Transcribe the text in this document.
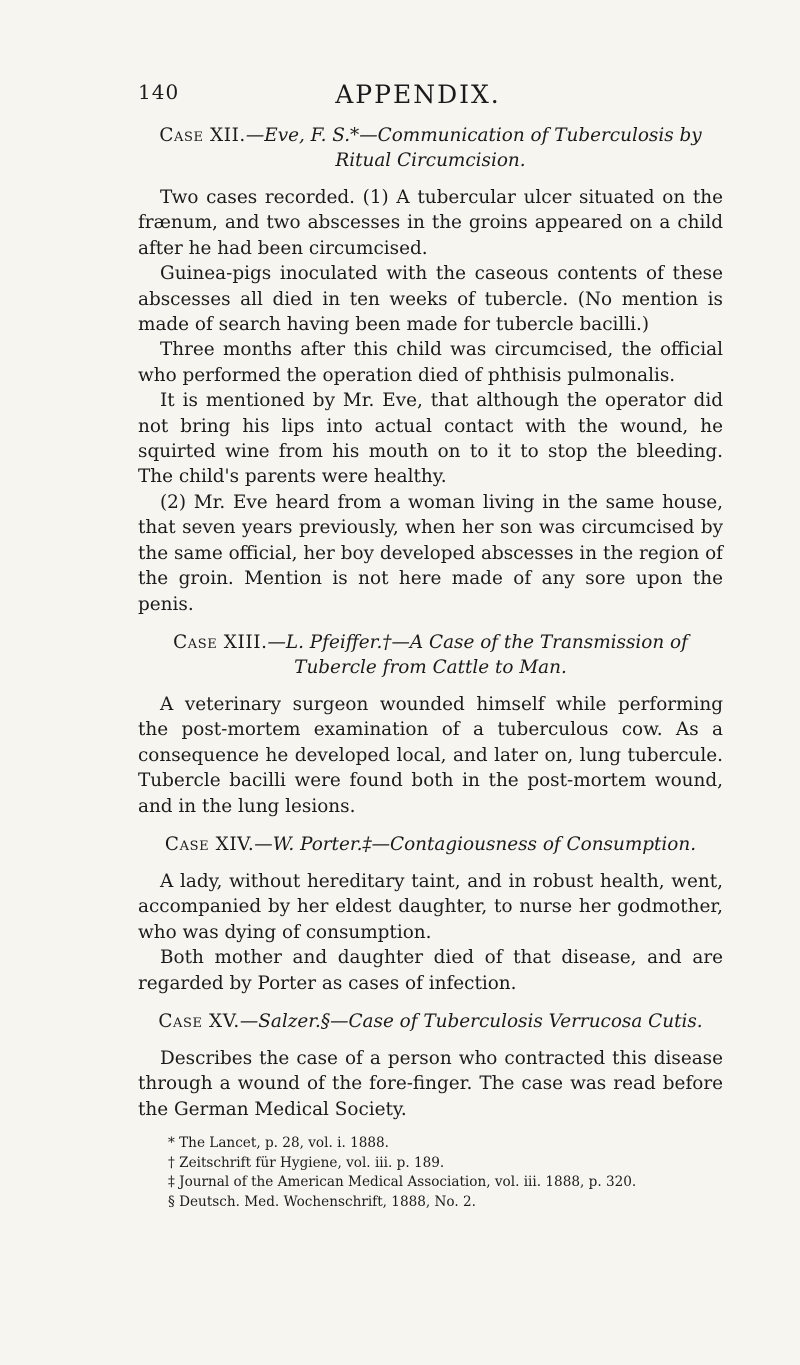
140	APPENDIX.
Case XII.—Eve, F. S.*—Communication of Tuberculosis by Ritual Circumcision.

Two cases recorded. (1) A tubercular ulcer situated on the frænum, and two abscesses in the groins appeared on a child after he had been circumcised.

Guinea-pigs inoculated with the caseous contents of these abscesses all died in ten weeks of tubercle. (No mention is made of search having been made for tubercle bacilli.)

Three months after this child was circumcised, the official who performed the operation died of phthisis pulmonalis.

It is mentioned by Mr. Eve, that although the operator did not bring his lips into actual contact with the wound, he squirted wine from his mouth on to it to stop the bleeding. The child's parents were healthy.

(2) Mr. Eve heard from a woman living in the same house, that seven years previously, when her son was circumcised by the same official, her boy developed abscesses in the region of the groin. Mention is not here made of any sore upon the penis.

Case XIII.—L. Pfeiffer.†—A Case of the Transmission of Tubercle from Cattle to Man.

A veterinary surgeon wounded himself while performing the post-mortem examination of a tuberculous cow. As a consequence he developed local, and later on, lung tubercule. Tubercle bacilli were found both in the post-mortem wound, and in the lung lesions.

Case XIV.—W. Porter.‡—Contagiousness of Consumption.

A lady, without hereditary taint, and in robust health, went, accompanied by her eldest daughter, to nurse her godmother, who was dying of consumption.

Both mother and daughter died of that disease, and are regarded by Porter as cases of infection.

Case XV.—Salzer.§—Case of Tuberculosis Verrucosa Cutis.

Describes the case of a person who contracted this disease through a wound of the fore-finger. The case was read before the German Medical Society.

* The Lancet, p. 28, vol. i. 1888.

† Zeitschrift für Hygiene, vol. iii. p. 189.

‡ Journal of the American Medical Association, vol. iii. 1888, p. 320.

§ Deutsch. Med. Wochenschrift, 1888, No. 2.
